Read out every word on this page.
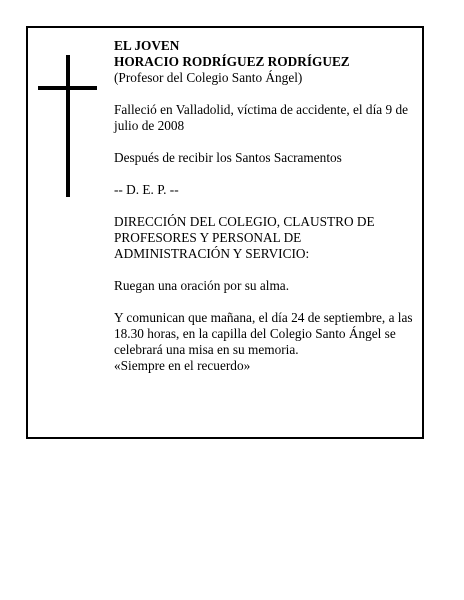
EL JOVEN

HORACIO RODRÍGUEZ RODRÍGUEZ

(Profesor del Colegio Santo Ángel)

Falleció en Valladolid, víctima de accidente, el día 9 de

julio de 2008

Después de recibir los Santos Sacramentos

-- D. E. P. --

DIRECCIÓN DEL COLEGIO, CLAUSTRO DE

PROFESORES Y PERSONAL DE

ADMINISTRACIÓN Y SERVICIO:

Ruegan una oración por su alma.

Y comunican que mañana, el día 24 de septiembre, a las

18.30 horas, en la capilla del Colegio Santo Ángel se

celebrará una misa en su memoria.

«Siempre en el recuerdo»
